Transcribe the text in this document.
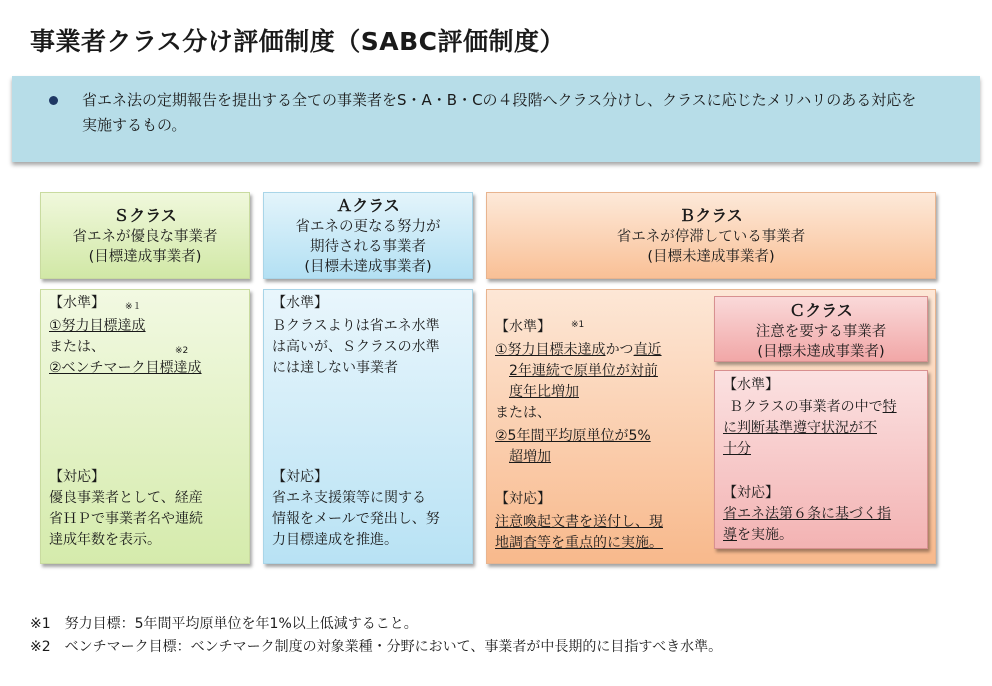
事業者クラス分け評価制度（SABC評価制度）
省エネ法の定期報告を提出する全ての事業者をS・A・B・Cの４段階へクラス分けし、クラスに応じたメリハリのある対応を
実施するもの。
Ｓクラス
省エネが優良な事業者
(目標達成事業者)
【水準】 ※１
①努力目標達成
または、	※2
②ベンチマーク目標達成
【対応】
優良事業者として、経産
省ＨＰで事業者名や連続
達成年数を表示。
Ａクラス
省エネの更なる努力が
期待される事業者
(目標未達成事業者)
【水準】
Ｂクラスよりは省エネ水準
は高いが、Ｓクラスの水準
には達しない事業者
【対応】
省エネ支援策等に関する
情報をメールで発出し、努
力目標達成を推進。
Ｂクラス
省エネが停滞している事業者
(目標未達成事業者)
【水準】 ※1
①努力目標未達成かつ直近
2年連続で原単位が対前
度年比増加
または、
②5年間平均原単位が5%
超増加
【対応】
注意喚起文書を送付し、現
地調査等を重点的に実施。
Ｃクラス
注意を要する事業者
(目標未達成事業者)
【水準】
Ｂクラスの事業者の中で特
に判断基準遵守状況が不
十分
【対応】
省エネ法第６条に基づく指
導を実施。
※1　努力目標：5年間平均原単位を年1%以上低減すること。
※2　ベンチマーク目標：ベンチマーク制度の対象業種・分野において、事業者が中長期的に目指すべき水準。
